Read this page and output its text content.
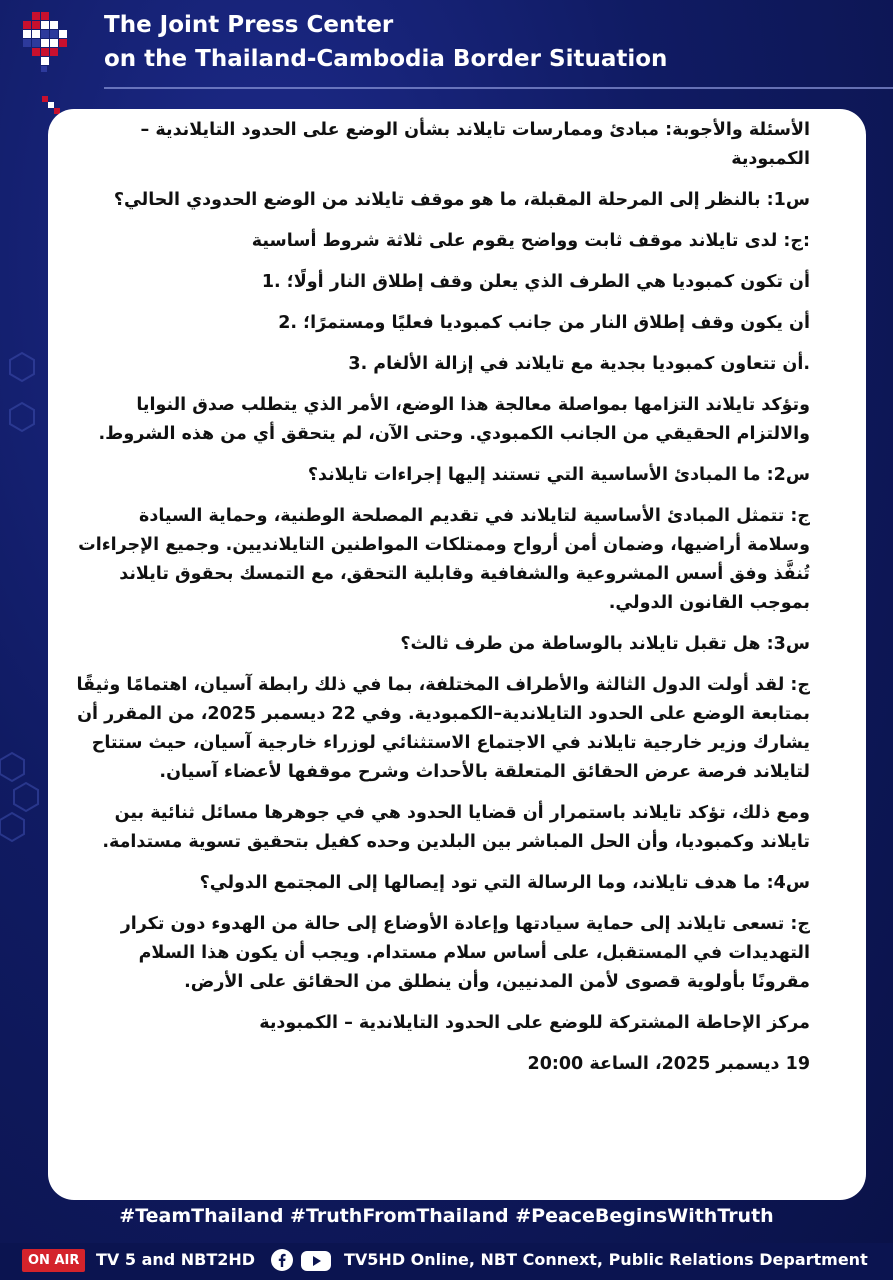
The Joint Press Center
on the Thailand-Cambodia Border Situation

الأسئلة والأجوبة: مبادئ وممارسات تايلاند بشأن الوضع على الحدود التايلاندية – الكمبودية

س1: بالنظر إلى المرحلة المقبلة، ما هو موقف تايلاند من الوضع الحدودي الحالي؟

:ج: لدى تايلاند موقف ثابت وواضح يقوم على ثلاثة شروط أساسية

أن تكون كمبوديا هي الطرف الذي يعلن وقف إطلاق النار أولًا؛ .1

أن يكون وقف إطلاق النار من جانب كمبوديا فعليًا ومستمرًا؛ .2

.أن تتعاون كمبوديا بجدية مع تايلاند في إزالة الألغام .3

وتؤكد تايلاند التزامها بمواصلة معالجة هذا الوضع، الأمر الذي يتطلب صدق النوايا والالتزام الحقيقي من الجانب الكمبودي. وحتى الآن، لم يتحقق أي من هذه الشروط.

س2: ما المبادئ الأساسية التي تستند إليها إجراءات تايلاند؟

ج: تتمثل المبادئ الأساسية لتايلاند في تقديم المصلحة الوطنية، وحماية السيادة وسلامة أراضيها، وضمان أمن أرواح وممتلكات المواطنين التايلانديين. وجميع الإجراءات تُنفَّذ وفق أسس المشروعية والشفافية وقابلية التحقق، مع التمسك بحقوق تايلاند بموجب القانون الدولي.

س3: هل تقبل تايلاند بالوساطة من طرف ثالث؟

ج: لقد أولت الدول الثالثة والأطراف المختلفة، بما في ذلك رابطة آسيان، اهتمامًا وثيقًا بمتابعة الوضع على الحدود التايلاندية–الكمبودية. وفي 22 ديسمبر 2025، من المقرر أن يشارك وزير خارجية تايلاند في الاجتماع الاستثنائي لوزراء خارجية آسيان، حيث ستتاح لتايلاند فرصة عرض الحقائق المتعلقة بالأحداث وشرح موقفها لأعضاء آسيان.

ومع ذلك، تؤكد تايلاند باستمرار أن قضايا الحدود هي في جوهرها مسائل ثنائية بين تايلاند وكمبوديا، وأن الحل المباشر بين البلدين وحده كفيل بتحقيق تسوية مستدامة.

س4: ما هدف تايلاند، وما الرسالة التي تود إيصالها إلى المجتمع الدولي؟

ج: تسعى تايلاند إلى حماية سيادتها وإعادة الأوضاع إلى حالة من الهدوء دون تكرار التهديدات في المستقبل، على أساس سلام مستدام. ويجب أن يكون هذا السلام مقرونًا بأولوية قصوى لأمن المدنيين، وأن ينطلق من الحقائق على الأرض.

مركز الإحاطة المشتركة للوضع على الحدود التايلاندية – الكمبودية

19 ديسمبر 2025، الساعة 20:00

#TeamThailand #TruthFromThailand #PeaceBeginsWithTruth
ON AIR	TV 5 and NBT2HD	TV5HD Online, NBT Connext, Public Relations Department
